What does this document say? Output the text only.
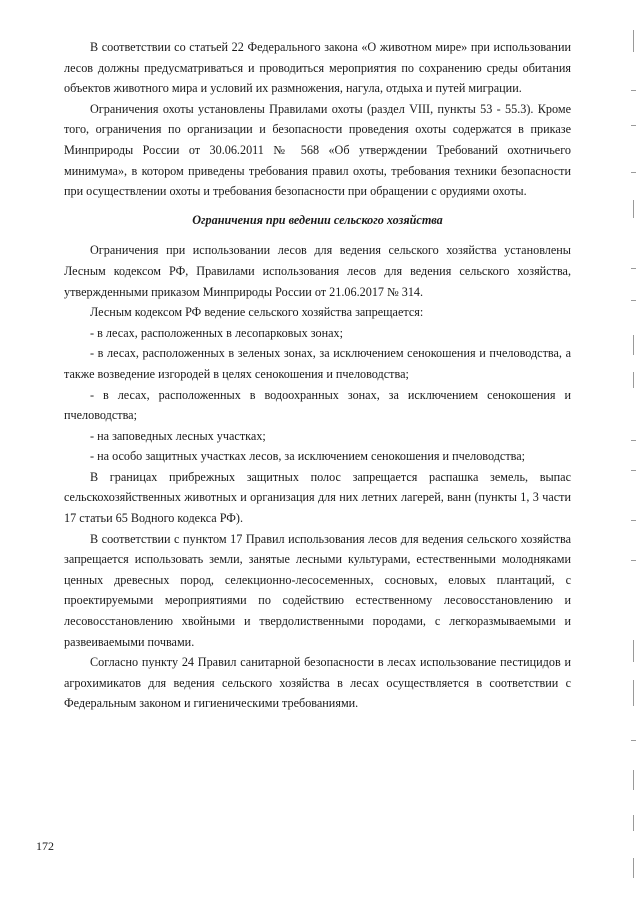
В соответствии со статьей 22 Федерального закона «О животном мире» при использовании лесов должны предусматриваться и проводиться мероприятия по сохранению среды обитания объектов животного мира и условий их размножения, нагула, отдыха и путей миграции.

Ограничения охоты установлены Правилами охоты (раздел VIII, пункты 53 - 55.3). Кроме того, ограничения по организации и безопасности проведения охоты содержатся в приказе Минприроды России от 30.06.2011 № 568 «Об утверждении Требований охотничьего минимума», в котором приведены требования правил охоты, требования техники безопасности при осуществлении охоты и требования безопасности при обращении с орудиями охоты.

Ограничения при ведении сельского хозяйства

Ограничения при использовании лесов для ведения сельского хозяйства установлены Лесным кодексом РФ, Правилами использования лесов для ведения сельского хозяйства, утвержденными приказом Минприроды России от 21.06.2017 № 314.

Лесным кодексом РФ ведение сельского хозяйства запрещается:

- в лесах, расположенных в лесопарковых зонах;

- в лесах, расположенных в зеленых зонах, за исключением сенокошения и пчеловодства, а также возведение изгородей в целях сенокошения и пчеловодства;

- в лесах, расположенных в водоохранных зонах, за исключением сенокошения и пчеловодства;

- на заповедных лесных участках;

- на особо защитных участках лесов, за исключением сенокошения и пчеловодства;

В границах прибрежных защитных полос запрещается распашка земель, выпас сельскохозяйственных животных и организация для них летних лагерей, ванн (пункты 1, 3 части 17 статьи 65 Водного кодекса РФ).

В соответствии с пунктом 17 Правил использования лесов для ведения сельского хозяйства запрещается использовать земли, занятые лесными культурами, естественными молодняками ценных древесных пород, селекционно-лесосеменных, сосновых, еловых плантаций, с проектируемыми мероприятиями по содействию естественному лесовосстановлению и лесовосстановлению хвойными и твердолиственными породами, с легкоразмываемыми и развеиваемыми почвами.

Согласно пункту 24 Правил санитарной безопасности в лесах использование пестицидов и агрохимикатов для ведения сельского хозяйства в лесах осуществляется в соответствии с Федеральным законом и гигиеническими требованиями.

172
